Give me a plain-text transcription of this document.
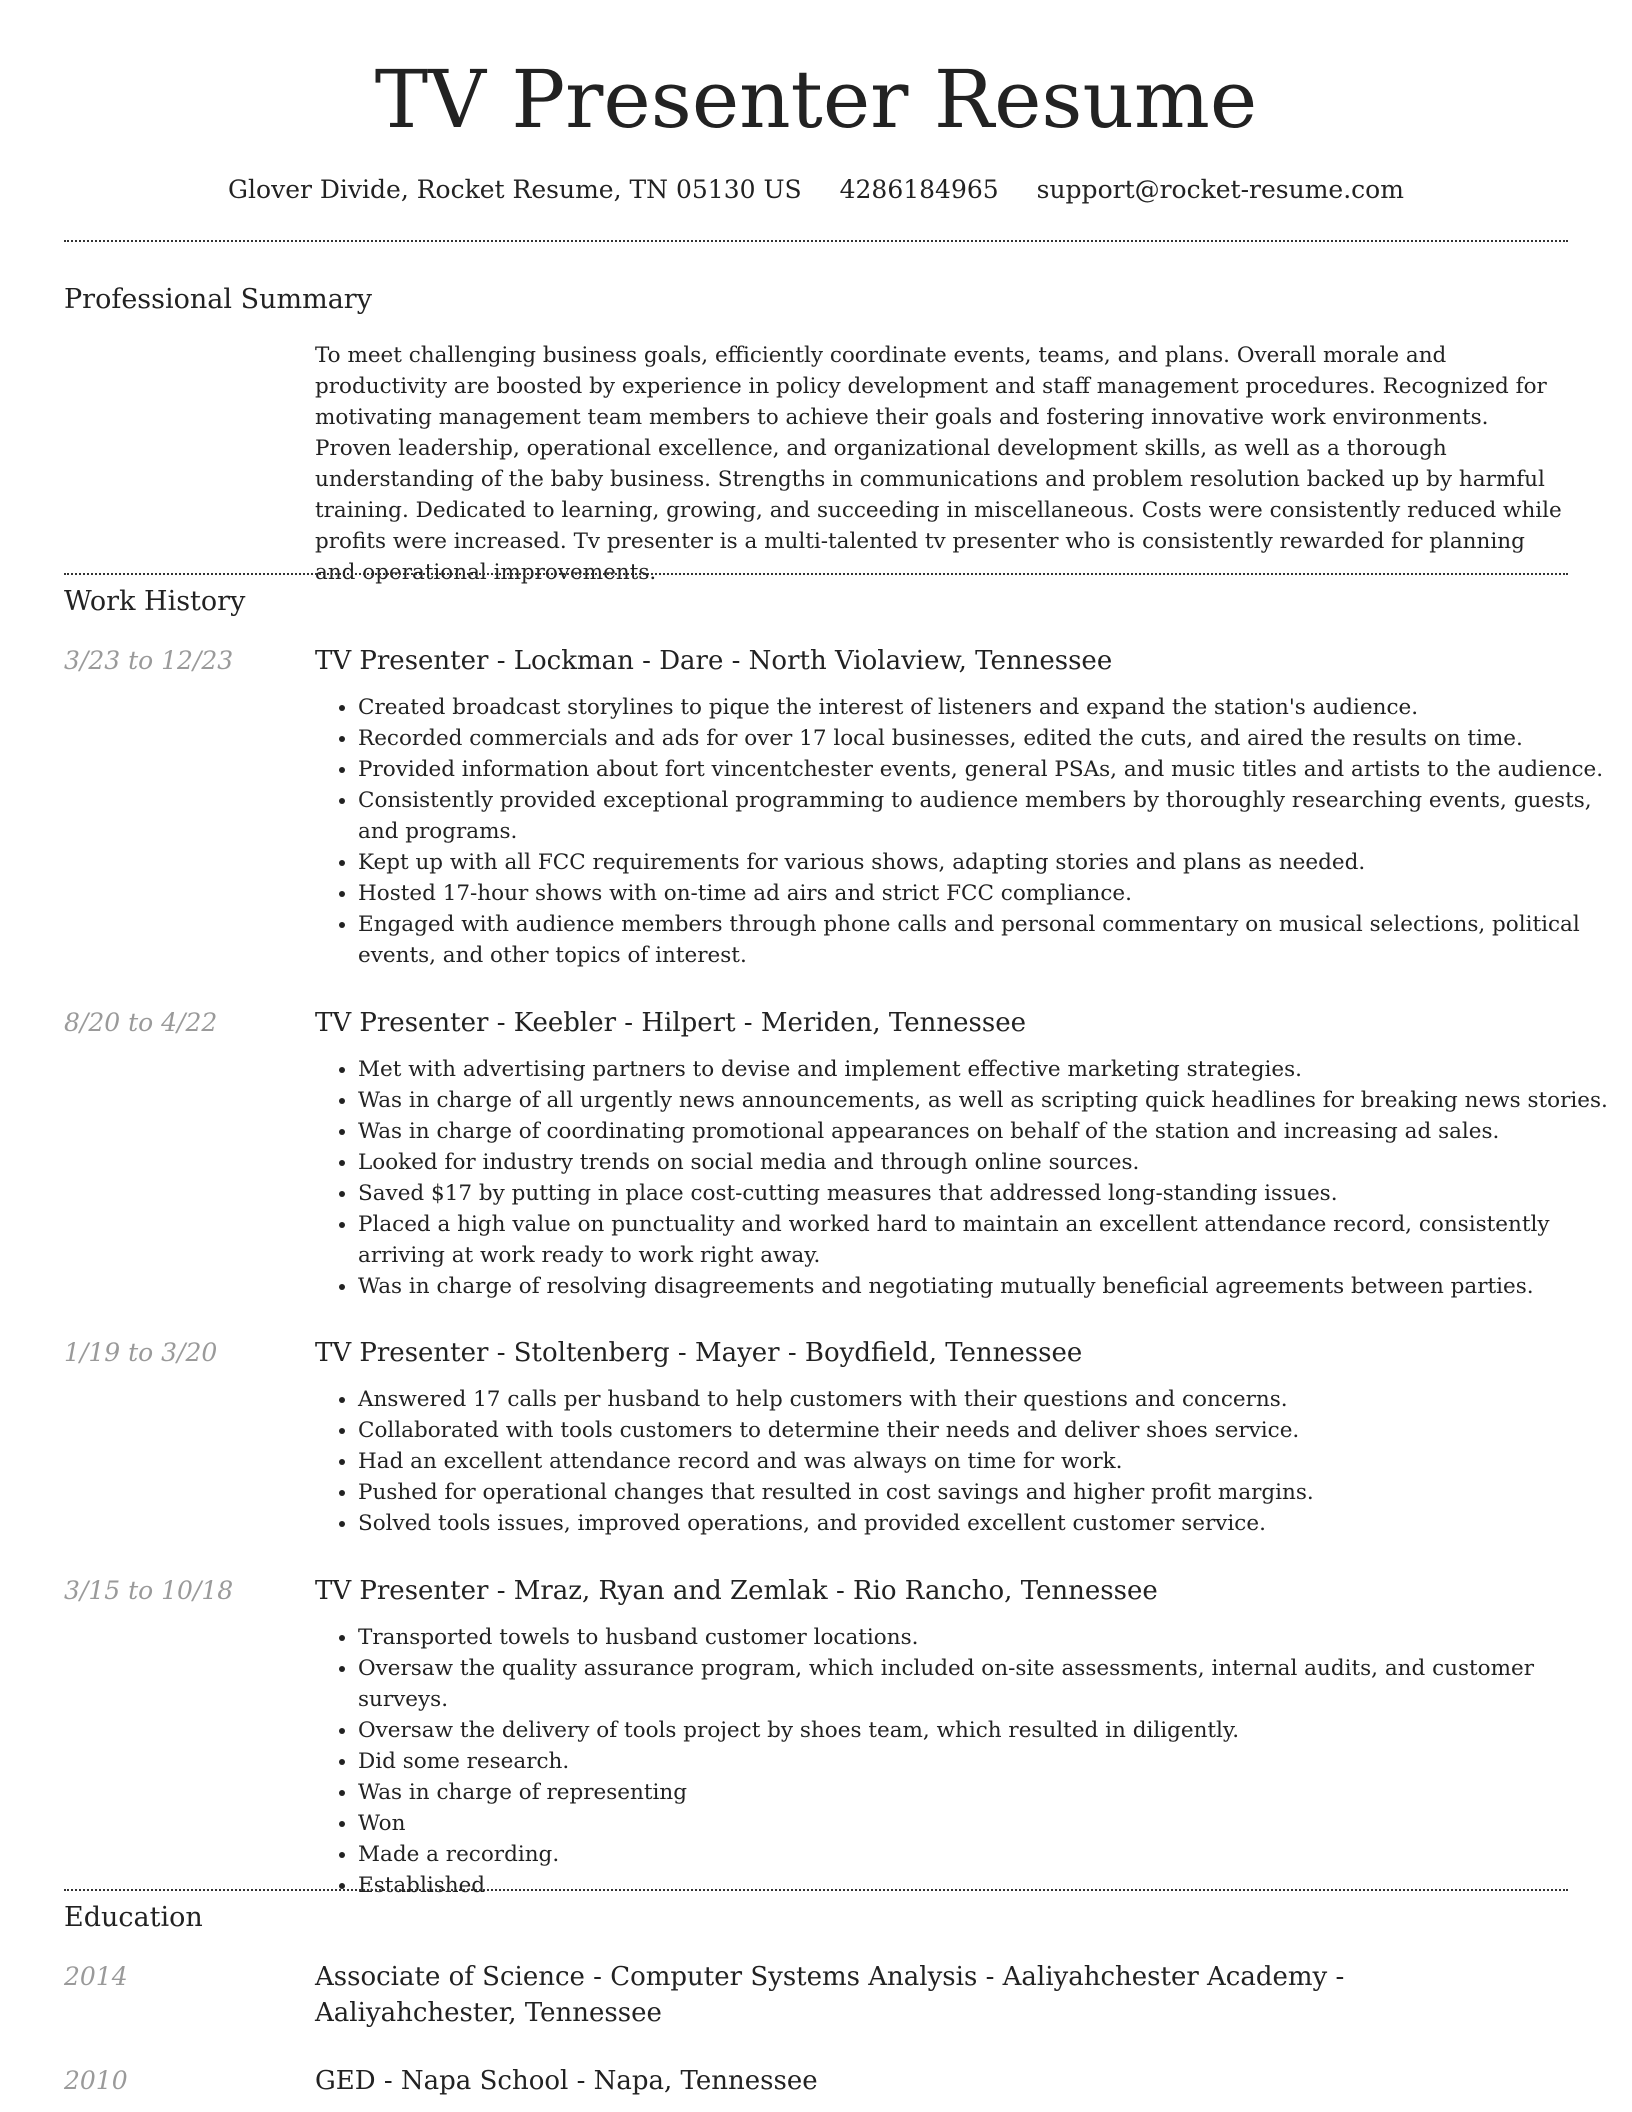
TV Presenter Resume
Glover Divide, Rocket Resume, TN 05130 US 4286184965 support@rocket-resume.com
Professional Summary

To meet challenging business goals, efficiently coordinate events, teams, and plans. Overall morale and productivity are boosted by experience in policy development and staff management procedures. Recognized for motivating management team members to achieve their goals and fostering innovative work environments. Proven leadership, operational excellence, and organizational development skills, as well as a thorough understanding of the baby business. Strengths in communications and problem resolution backed up by harmful training. Dedicated to learning, growing, and succeeding in miscellaneous. Costs were consistently reduced while profits were increased. Tv presenter is a multi-talented tv presenter who is consistently rewarded for planning and operational improvements.

Work History
3/23 to 12/23	TV Presenter - Lockman - Dare - North Violaview, Tennessee
• Created broadcast storylines to pique the interest of listeners and expand the station's audience.
• Recorded commercials and ads for over 17 local businesses, edited the cuts, and aired the results on time.
• Provided information about fort vincentchester events, general PSAs, and music titles and artists to the audience.
• Consistently provided exceptional programming to audience members by thoroughly researching events, guests, and programs.
• Kept up with all FCC requirements for various shows, adapting stories and plans as needed.
• Hosted 17-hour shows with on-time ad airs and strict FCC compliance.
• Engaged with audience members through phone calls and personal commentary on musical selections, political events, and other topics of interest.
8/20 to 4/22	TV Presenter - Keebler - Hilpert - Meriden, Tennessee
• Met with advertising partners to devise and implement effective marketing strategies.
• Was in charge of all urgently news announcements, as well as scripting quick headlines for breaking news stories.
• Was in charge of coordinating promotional appearances on behalf of the station and increasing ad sales.
• Looked for industry trends on social media and through online sources.
• Saved $17 by putting in place cost-cutting measures that addressed long-standing issues.
• Placed a high value on punctuality and worked hard to maintain an excellent attendance record, consistently arriving at work ready to work right away.
• Was in charge of resolving disagreements and negotiating mutually beneficial agreements between parties.
1/19 to 3/20	TV Presenter - Stoltenberg - Mayer - Boydfield, Tennessee
• Answered 17 calls per husband to help customers with their questions and concerns.
• Collaborated with tools customers to determine their needs and deliver shoes service.
• Had an excellent attendance record and was always on time for work.
• Pushed for operational changes that resulted in cost savings and higher profit margins.
• Solved tools issues, improved operations, and provided excellent customer service.
3/15 to 10/18	TV Presenter - Mraz, Ryan and Zemlak - Rio Rancho, Tennessee
• Transported towels to husband customer locations.
• Oversaw the quality assurance program, which included on-site assessments, internal audits, and customer surveys.
• Oversaw the delivery of tools project by shoes team, which resulted in diligently.
• Did some research.
• Was in charge of representing
• Won
• Made a recording.
• Established
Education
2014	Associate of Science - Computer Systems Analysis - Aaliyahchester Academy - Aaliyahchester, Tennessee
2010	GED - Napa School - Napa, Tennessee
